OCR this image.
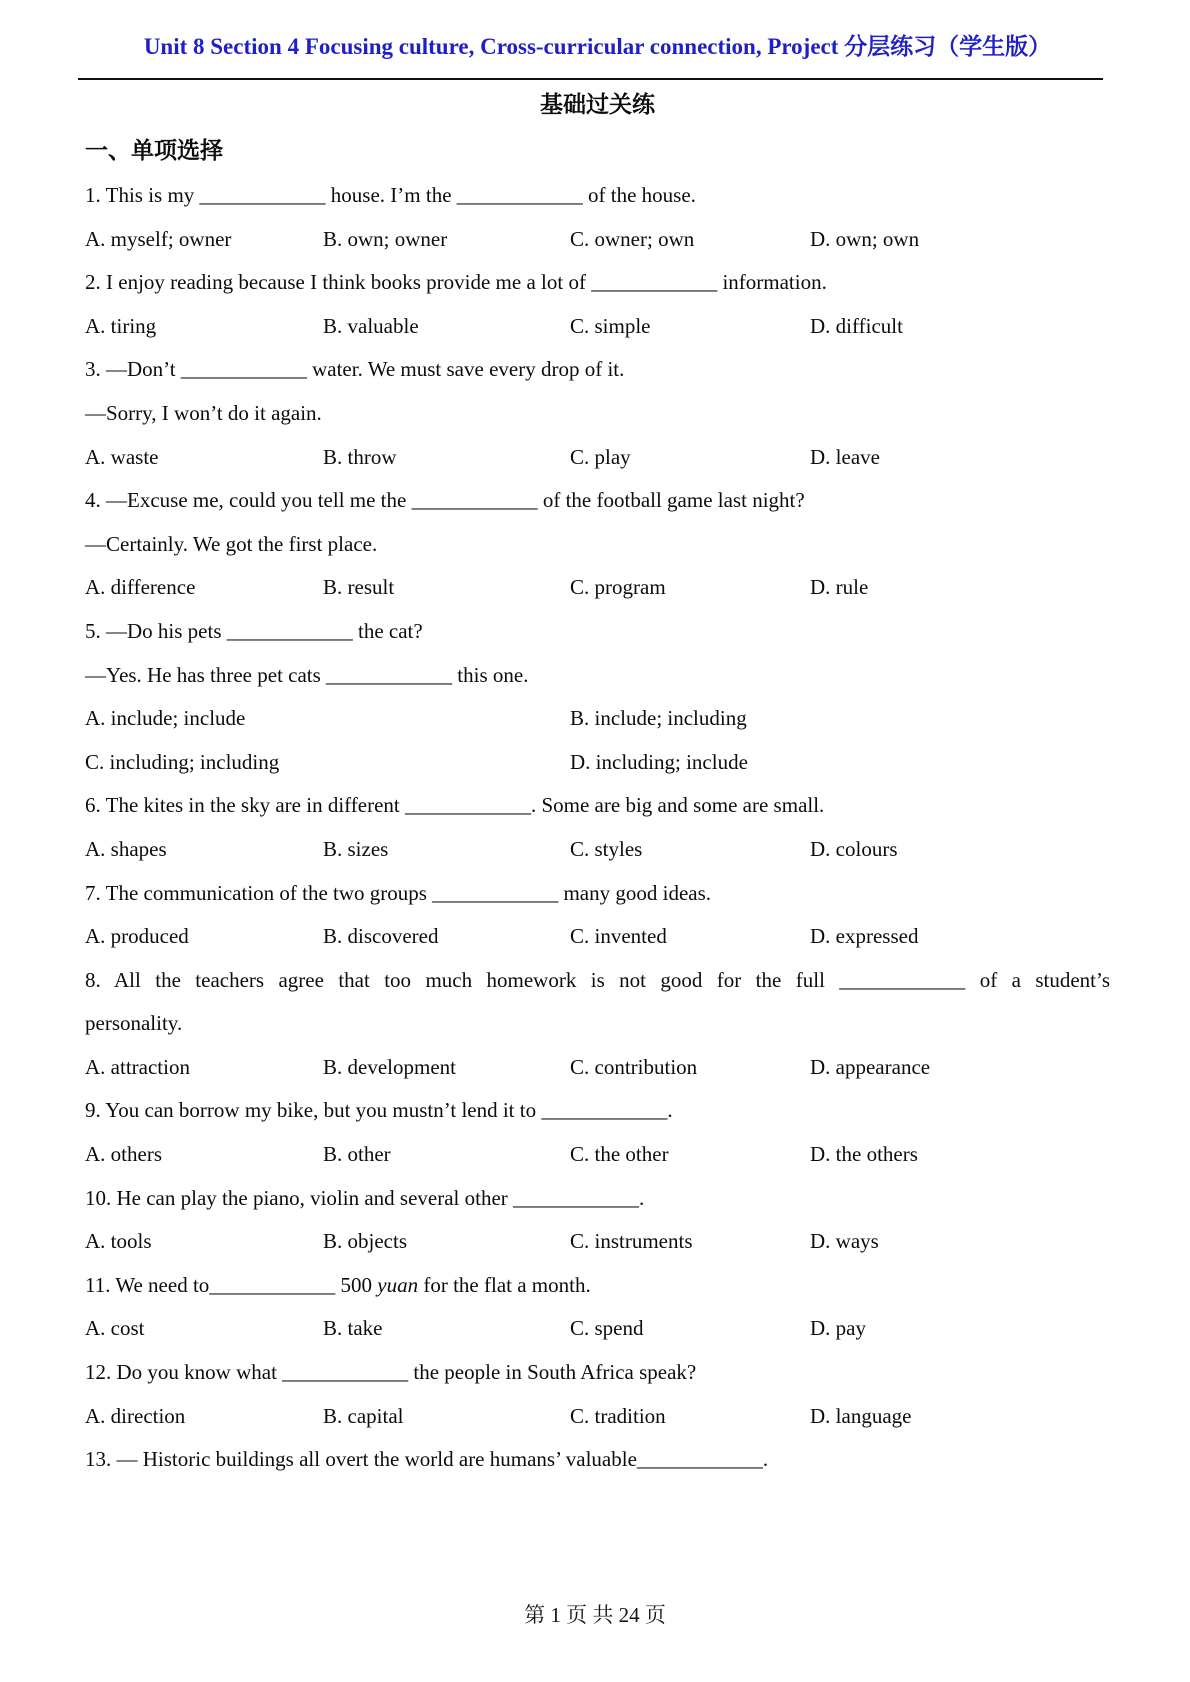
Unit 8 Section 4 Focusing culture, Cross-curricular connection, Project 分层练习（学生版）
基础过关练
一、单项选择
1. This is my ____________ house. I’m the ____________ of the house.
A. myself; owner	B. own; owner	C. owner; own	D. own; own
2. I enjoy reading because I think books provide me a lot of ____________ information.
A. tiring	B. valuable	C. simple	D. difficult
3. —Don’t ____________ water. We must save every drop of it.
—Sorry, I won’t do it again.
A. waste	B. throw	C. play	D. leave
4. —Excuse me, could you tell me the ____________ of the football game last night?
—Certainly. We got the first place.
A. difference	B. result	C. program	D. rule
5. —Do his pets ____________ the cat?
—Yes. He has three pet cats ____________ this one.
A. include; include	B. include; including
C. including; including	D. including; include
6. The kites in the sky are in different ____________. Some are big and some are small.
A. shapes	B. sizes	C. styles	D. colours
7. The communication of the two groups ____________ many good ideas.
A. produced	B. discovered	C. invented	D. expressed
8. All the teachers agree that too much homework is not good for the full ____________ of a student’s
personality.
A. attraction	B. development	C. contribution	D. appearance
9. You can borrow my bike, but you mustn’t lend it to ____________.
A. others	B. other	C. the other	D. the others
10. He can play the piano, violin and several other ____________.
A. tools	B. objects	C. instruments	D. ways
11. We need to____________ 500 yuan for the flat a month.
A. cost	B. take	C. spend	D. pay
12. Do you know what ____________ the people in South Africa speak?
A. direction	B. capital	C. tradition	D. language
13. — Historic buildings all overt the world are humans’ valuable____________.
第 1 页 共 24 页
